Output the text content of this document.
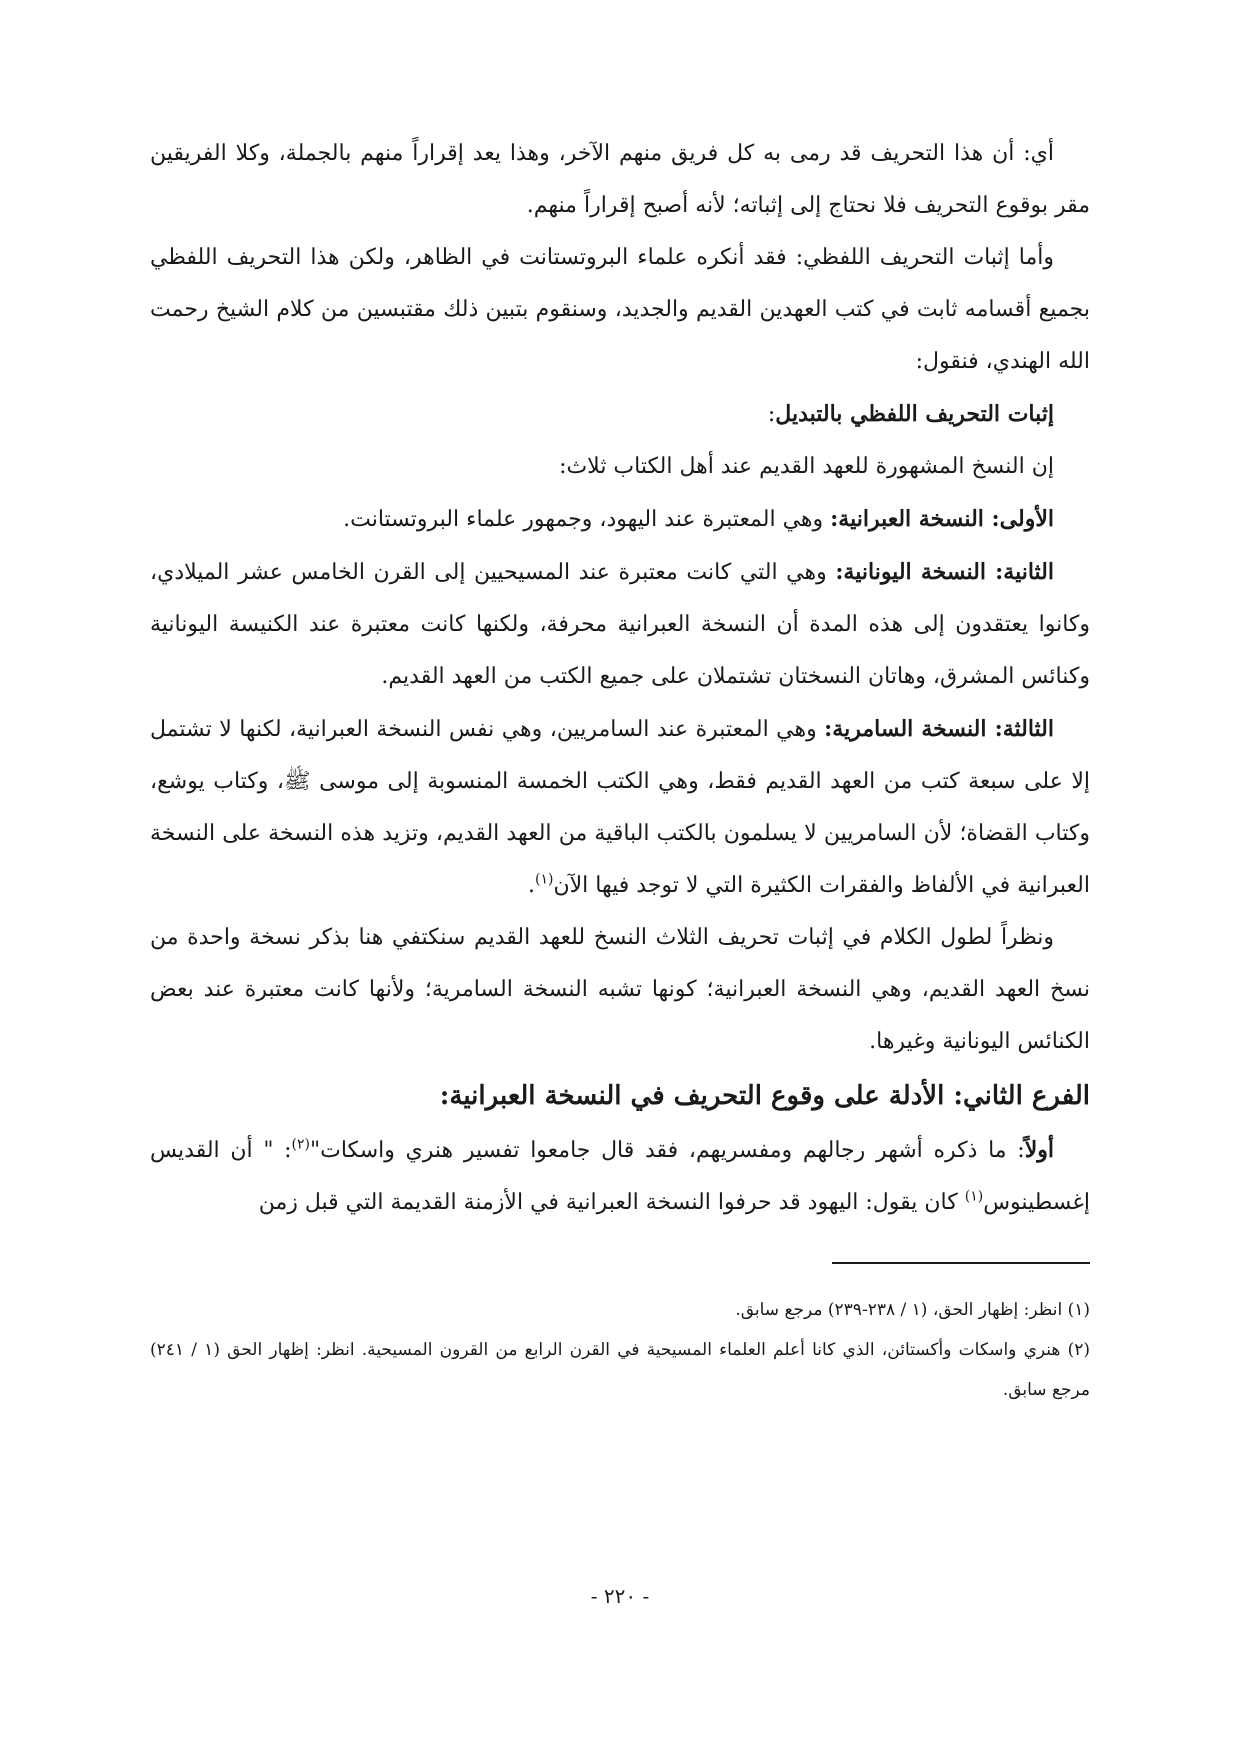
أي: أن هذا التحريف قد رمى به كل فريق منهم الآخر، وهذا يعد إقراراً منهم بالجملة، وكلا الفريقين مقر بوقوع التحريف فلا نحتاج إلى إثباته؛ لأنه أصبح إقراراً منهم.

وأما إثبات التحريف اللفظي: فقد أنكره علماء البروتستانت في الظاهر، ولكن هذا التحريف اللفظي بجميع أقسامه ثابت في كتب العهدين القديم والجديد، وسنقوم بتبين ذلك مقتبسين من كلام الشيخ رحمت الله الهندي، فنقول:

إثبات التحريف اللفظي بالتبديل:

إن النسخ المشهورة للعهد القديم عند أهل الكتاب ثلاث:

الأولى: النسخة العبرانية: وهي المعتبرة عند اليهود، وجمهور علماء البروتستانت.

الثانية: النسخة اليونانية: وهي التي كانت معتبرة عند المسيحيين إلى القرن الخامس عشر الميلادي، وكانوا يعتقدون إلى هذه المدة أن النسخة العبرانية محرفة، ولكنها كانت معتبرة عند الكنيسة اليونانية وكنائس المشرق، وهاتان النسختان تشتملان على جميع الكتب من العهد القديم.

الثالثة: النسخة السامرية: وهي المعتبرة عند السامريين، وهي نفس النسخة العبرانية، لكنها لا تشتمل إلا على سبعة كتب من العهد القديم فقط، وهي الكتب الخمسة المنسوبة إلى موسى ﷺ، وكتاب يوشع، وكتاب القضاة؛ لأن السامريين لا يسلمون بالكتب الباقية من العهد القديم، وتزيد هذه النسخة على النسخة العبرانية في الألفاظ والفقرات الكثيرة التي لا توجد فيها الآن$^{(١)}$.

ونظراً لطول الكلام في إثبات تحريف الثلاث النسخ للعهد القديم سنكتفي هنا بذكر نسخة واحدة من نسخ العهد القديم، وهي النسخة العبرانية؛ كونها تشبه النسخة السامرية؛ ولأنها كانت معتبرة عند بعض الكنائس اليونانية وغيرها.

الفرع الثاني: الأدلة على وقوع التحريف في النسخة العبرانية:

أولاً: ما ذكره أشهر رجالهم ومفسريهم، فقد قال جامعوا تفسير هنري واسكات"$^{(٢)}$: " أن القديس إغسطينوس$^{(١)}$ كان يقول: اليهود قد حرفوا النسخة العبرانية في الأزمنة القديمة التي قبل زمن

(١) انظر: إظهار الحق، (١ / ٢٣٨-٢٣٩) مرجع سابق.

(٢) هنري واسكات وأكستائن، الذي كانا أعلم العلماء المسيحية في القرن الرابع من القرون المسيحية. انظر: إظهار الحق (١ / ٢٤١) مرجع سابق.

- ٢٢٠ -
